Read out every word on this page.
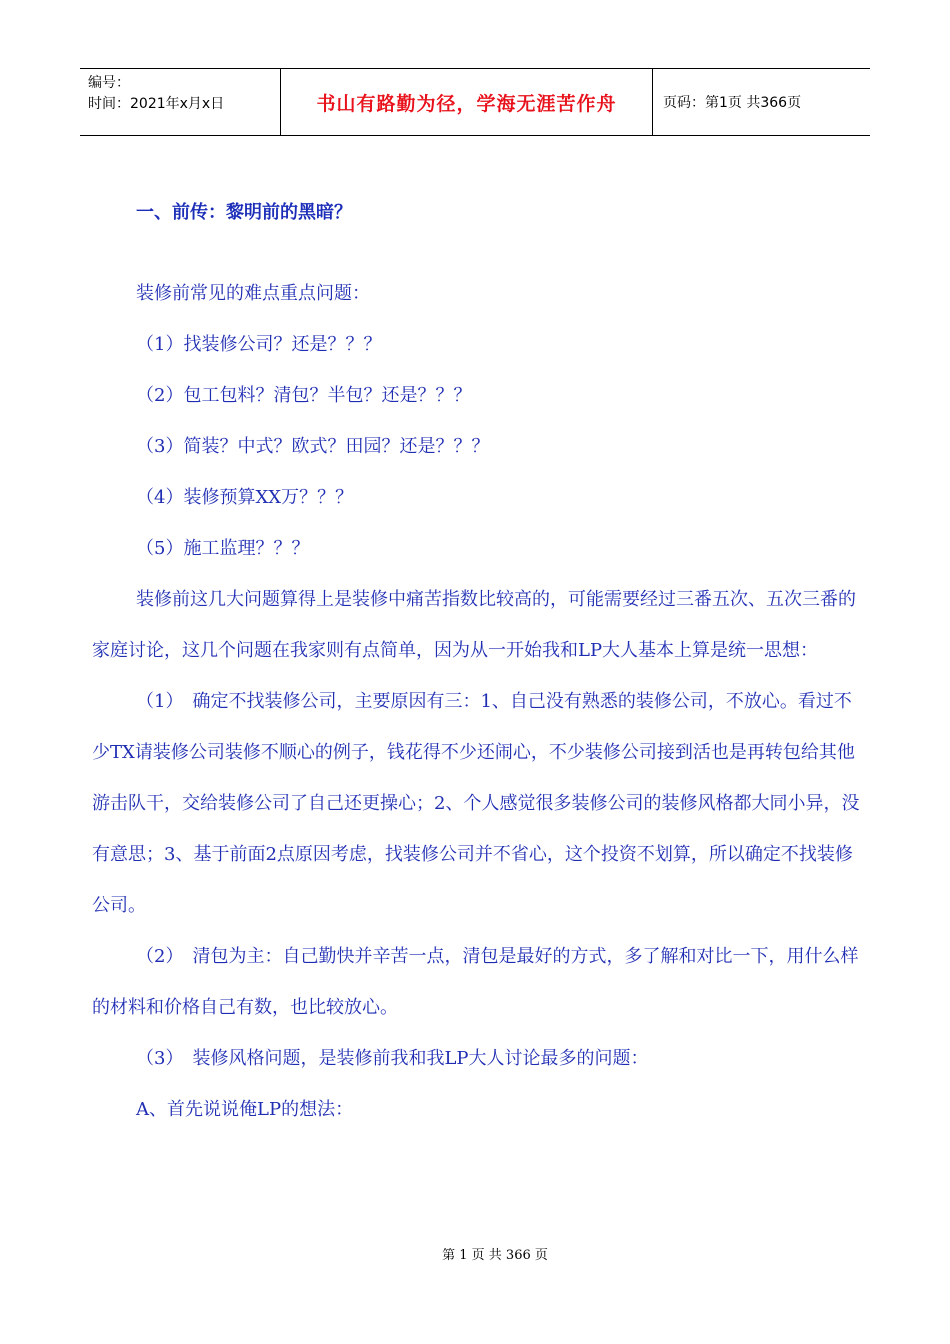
编号：
时间：2021年x月x日	书山有路勤为径，学海无涯苦作舟	页码：第1页 共366页

一、前传：黎明前的黑暗？

装修前常见的难点重点问题：

（1）找装修公司？还是？？？

（2）包工包料？清包？半包？还是？？？

（3）简装？中式？欧式？田园？还是？？？

（4）装修预算XX万？？？

（5）施工监理？？？

装修前这几大问题算得上是装修中痛苦指数比较高的，可能需要经过三番五次、五次三番的家庭讨论，这几个问题在我家则有点简单，因为从一开始我和LP大人基本上算是统一思想：

（1）　确定不找装修公司，主要原因有三：1、自己没有熟悉的装修公司，不放心。看过不少TX请装修公司装修不顺心的例子，钱花得不少还闹心，不少装修公司接到活也是再转包给其他游击队干，交给装修公司了自己还更操心；2、个人感觉很多装修公司的装修风格都大同小异，没有意思；3、基于前面2点原因考虑，找装修公司并不省心，这个投资不划算，所以确定不找装修公司。

（2）　清包为主：自己勤快并辛苦一点，清包是最好的方式，多了解和对比一下，用什么样的材料和价格自己有数，也比较放心。

（3）　装修风格问题，是装修前我和我LP大人讨论最多的问题：

A、首先说说俺LP的想法：

第 1 页 共 366 页
